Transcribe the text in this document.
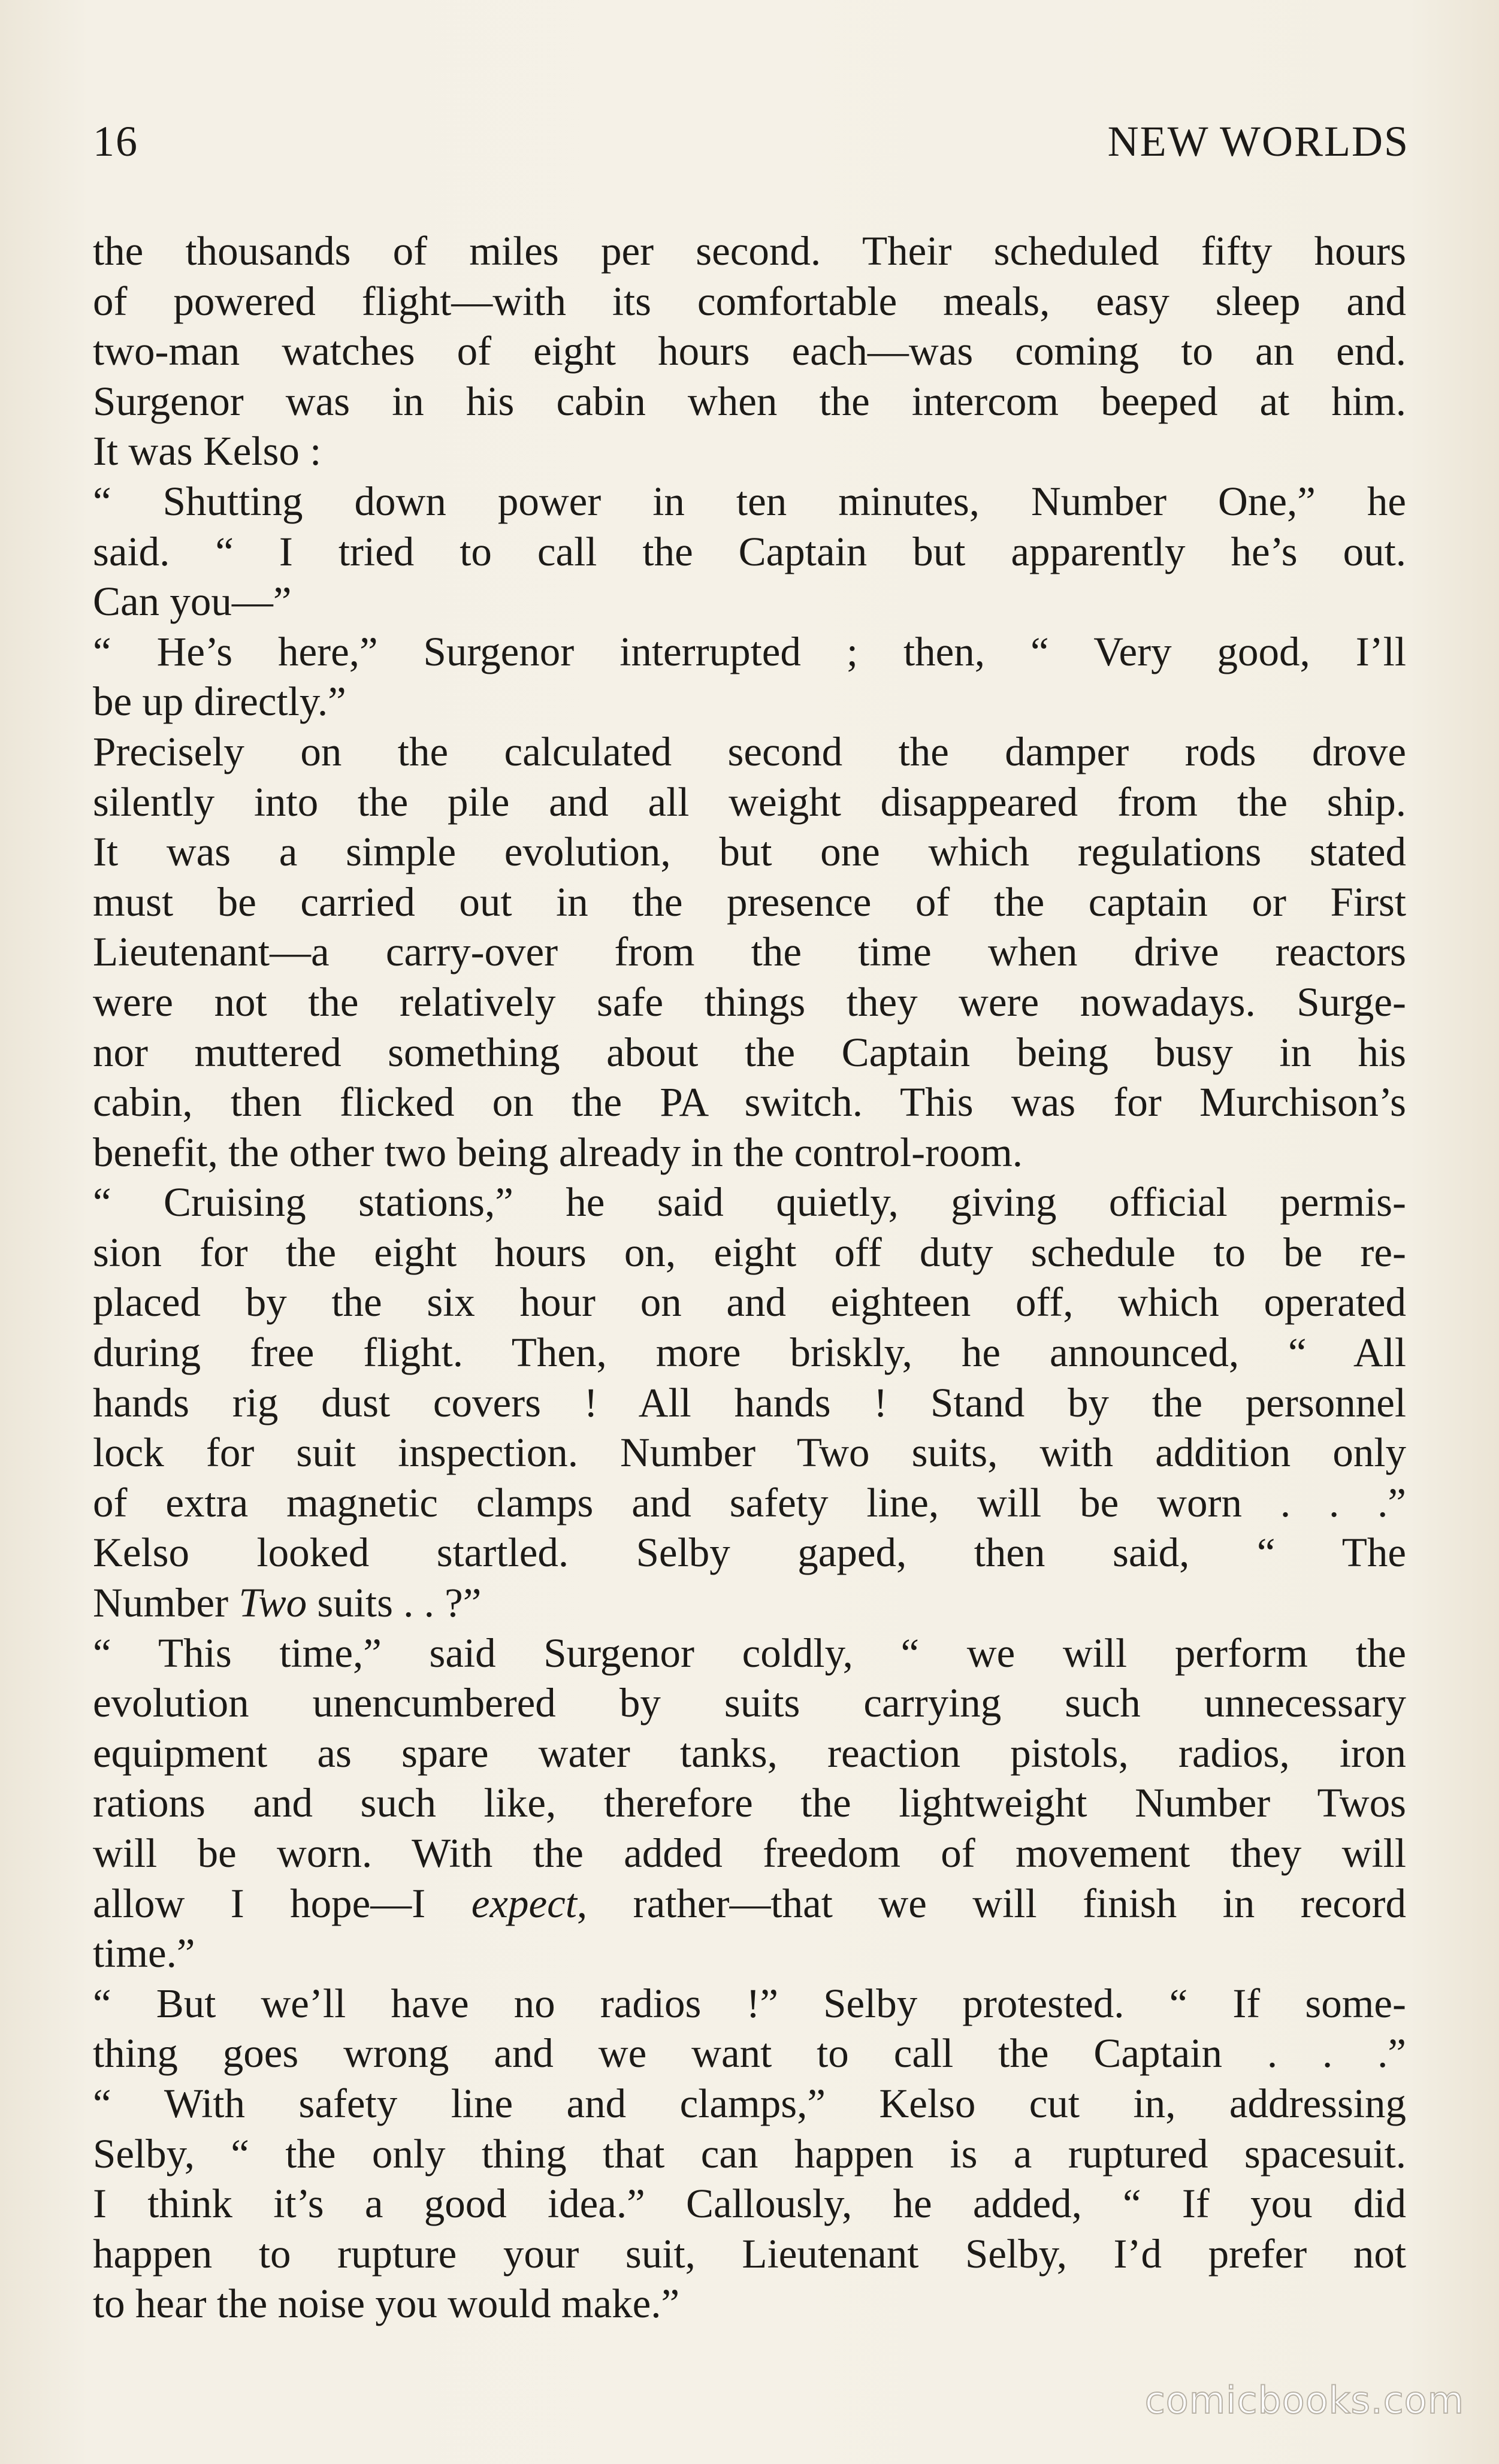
16	NEW WORLDS

the thousands of miles per second. Their scheduled fifty hours

of powered flight—with its comfortable meals, easy sleep and

two-man watches of eight hours each—was coming to an end.

Surgenor was in his cabin when the intercom beeped at him.

It was Kelso :

“ Shutting down power in ten minutes, Number One,” he

said. “ I tried to call the Captain but apparently he’s out.

Can you—”

“ He’s here,” Surgenor interrupted ; then, “ Very good, I’ll

be up directly.”

Precisely on the calculated second the damper rods drove

silently into the pile and all weight disappeared from the ship.

It was a simple evolution, but one which regulations stated

must be carried out in the presence of the captain or First

Lieutenant—a carry-over from the time when drive reactors

were not the relatively safe things they were nowadays. Surge-

nor muttered something about the Captain being busy in his

cabin, then flicked on the PA switch. This was for Murchison’s

benefit, the other two being already in the control-room.

“ Cruising stations,” he said quietly, giving official permis-

sion for the eight hours on, eight off duty schedule to be re-

placed by the six hour on and eighteen off, which operated

during free flight. Then, more briskly, he announced, “ All

hands rig dust covers ! All hands ! Stand by the personnel

lock for suit inspection. Number Two suits, with addition only

of extra magnetic clamps and safety line, will be worn . . .”

Kelso looked startled. Selby gaped, then said, “ The

Number Two suits . . ?”

“ This time,” said Surgenor coldly, “ we will perform the

evolution unencumbered by suits carrying such unnecessary

equipment as spare water tanks, reaction pistols, radios, iron

rations and such like, therefore the lightweight Number Twos

will be worn. With the added freedom of movement they will

allow I hope—I expect, rather—that we will finish in record

time.”

“ But we’ll have no radios !” Selby protested. “ If some-

thing goes wrong and we want to call the Captain . . .”

“ With safety line and clamps,” Kelso cut in, addressing

Selby, “ the only thing that can happen is a ruptured spacesuit.

I think it’s a good idea.” Callously, he added, “ If you did

happen to rupture your suit, Lieutenant Selby, I’d prefer not

to hear the noise you would make.”

comicbooks.com
